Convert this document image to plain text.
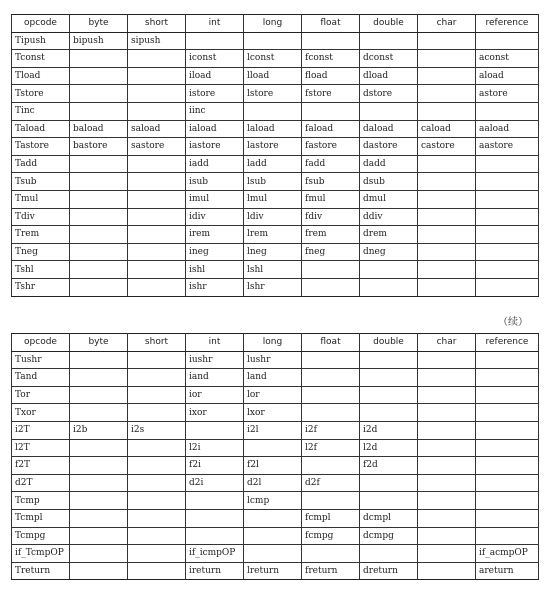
opcode	byte	short	int	long	float	double	char	reference
Tipush	bipush	sipush						
Tconst			iconst	lconst	fconst	dconst		aconst
Tload			iload	lload	fload	dload		aload
Tstore			istore	lstore	fstore	dstore		astore
Tinc			iinc					
Taload	baload	saload	iaload	laload	faload	daload	caload	aaload
Tastore	bastore	sastore	iastore	lastore	fastore	dastore	castore	aastore
Tadd			iadd	ladd	fadd	dadd		
Tsub			isub	lsub	fsub	dsub		
Tmul			imul	lmul	fmul	dmul		
Tdiv			idiv	ldiv	fdiv	ddiv		
Trem			irem	lrem	frem	drem		
Tneg			ineg	lneg	fneg	dneg		
Tshl			ishl	lshl				
Tshr			ishr	lshr				
（续）
opcode	byte	short	int	long	float	double	char	reference
Tushr			iushr	lushr				
Tand			iand	land				
Tor			ior	lor				
Txor			ixor	lxor				
i2T	i2b	i2s		i2l	i2f	i2d		
l2T			l2i		l2f	l2d		
f2T			f2i	f2l		f2d		
d2T			d2i	d2l	d2f			
Tcmp				lcmp				
Tcmpl					fcmpl	dcmpl		
Tcmpg					fcmpg	dcmpg		
if_TcmpOP			if_icmpOP					if_acmpOP
Treturn			ireturn	lreturn	freturn	dreturn		areturn
